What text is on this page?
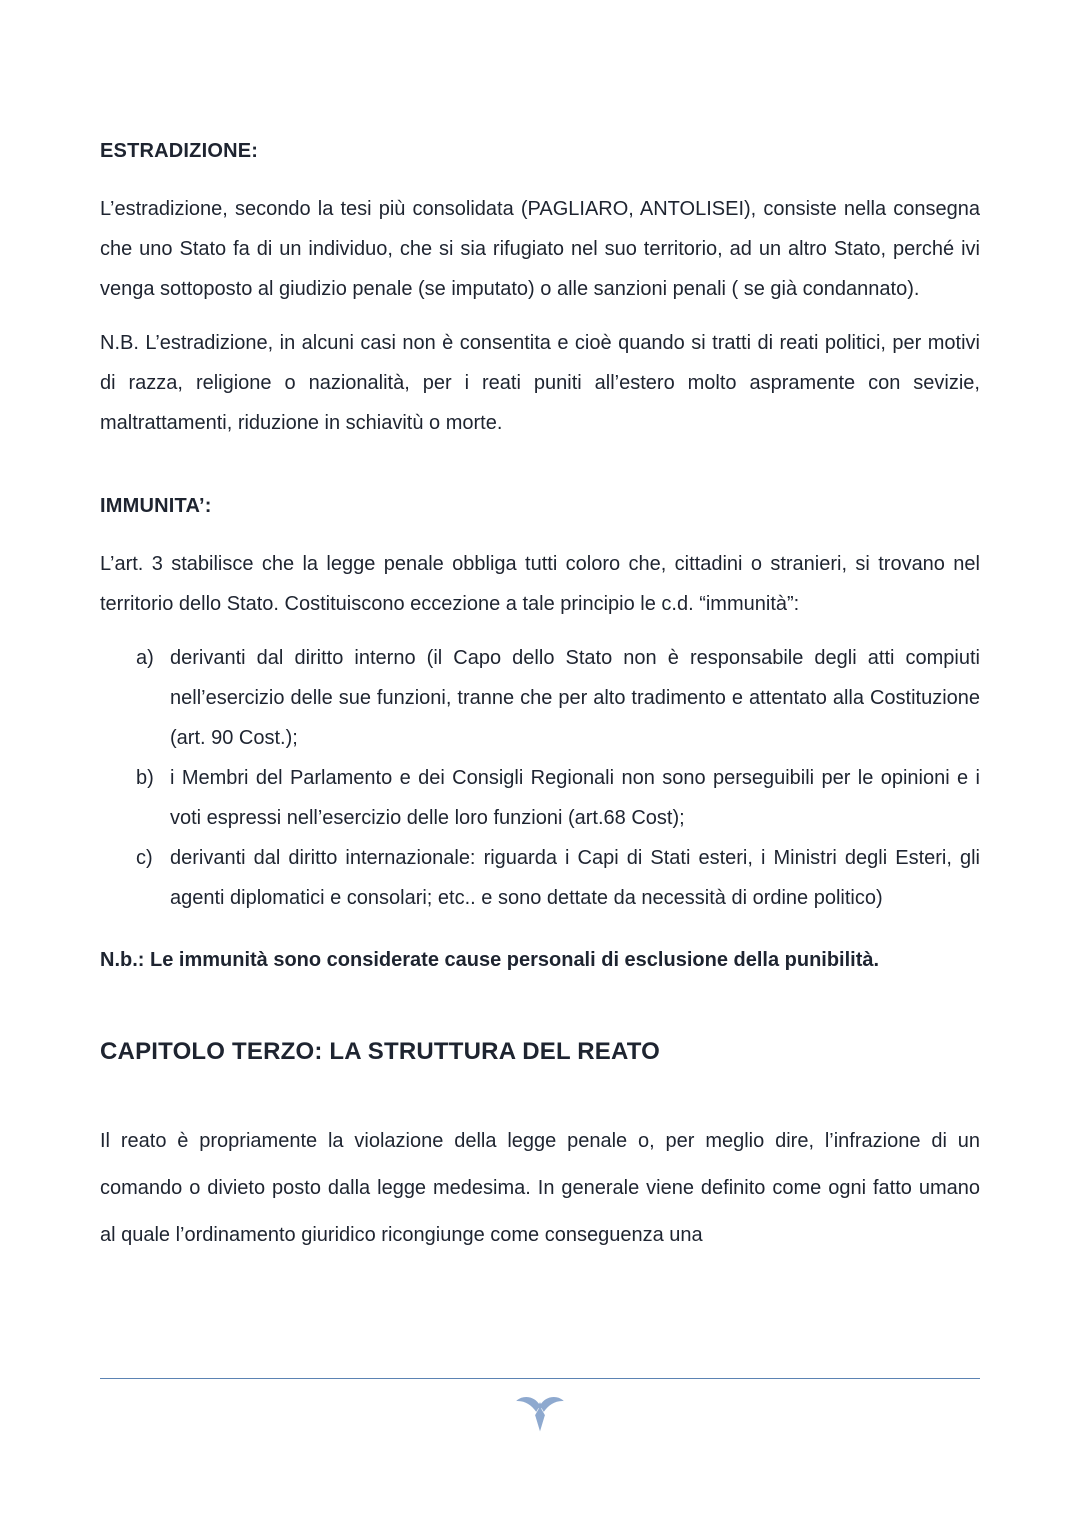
ESTRADIZIONE:

L’estradizione, secondo la tesi più consolidata (PAGLIARO, ANTOLISEI), consiste nella consegna che uno Stato fa di un individuo, che si sia rifugiato nel suo territorio, ad un altro Stato, perché ivi venga sottoposto al giudizio penale (se imputato) o alle sanzioni penali ( se già condannato).

N.B. L’estradizione, in alcuni casi non è consentita e cioè quando si tratti di reati politici, per motivi di razza, religione o nazionalità, per i reati puniti all’estero molto aspramente con sevizie, maltrattamenti, riduzione in schiavitù o morte.

IMMUNITA’:

L’art. 3 stabilisce che la legge penale obbliga tutti coloro che, cittadini o stranieri, si trovano nel territorio dello Stato. Costituiscono eccezione a tale principio le c.d. “immunità”:

a) derivanti dal diritto interno (il Capo dello Stato non è responsabile degli atti compiuti nell’esercizio delle sue funzioni, tranne che per alto tradimento e attentato alla Costituzione (art. 90 Cost.);
b) i Membri del Parlamento e dei Consigli Regionali non sono perseguibili per le opinioni e i voti espressi nell’esercizio delle loro funzioni (art.68 Cost);
c) derivanti dal diritto internazionale: riguarda i Capi di Stati esteri, i Ministri degli Esteri, gli agenti diplomatici e consolari; etc.. e sono dettate da necessità di ordine politico)

N.b.: Le immunità sono considerate cause personali di esclusione della punibilità.

CAPITOLO TERZO: LA STRUTTURA DEL REATO

Il reato è propriamente la violazione della legge penale o, per meglio dire, l’infrazione di un comando o divieto posto dalla legge medesima. In generale viene definito come ogni fatto umano al quale l’ordinamento giuridico ricongiunge come conseguenza una
